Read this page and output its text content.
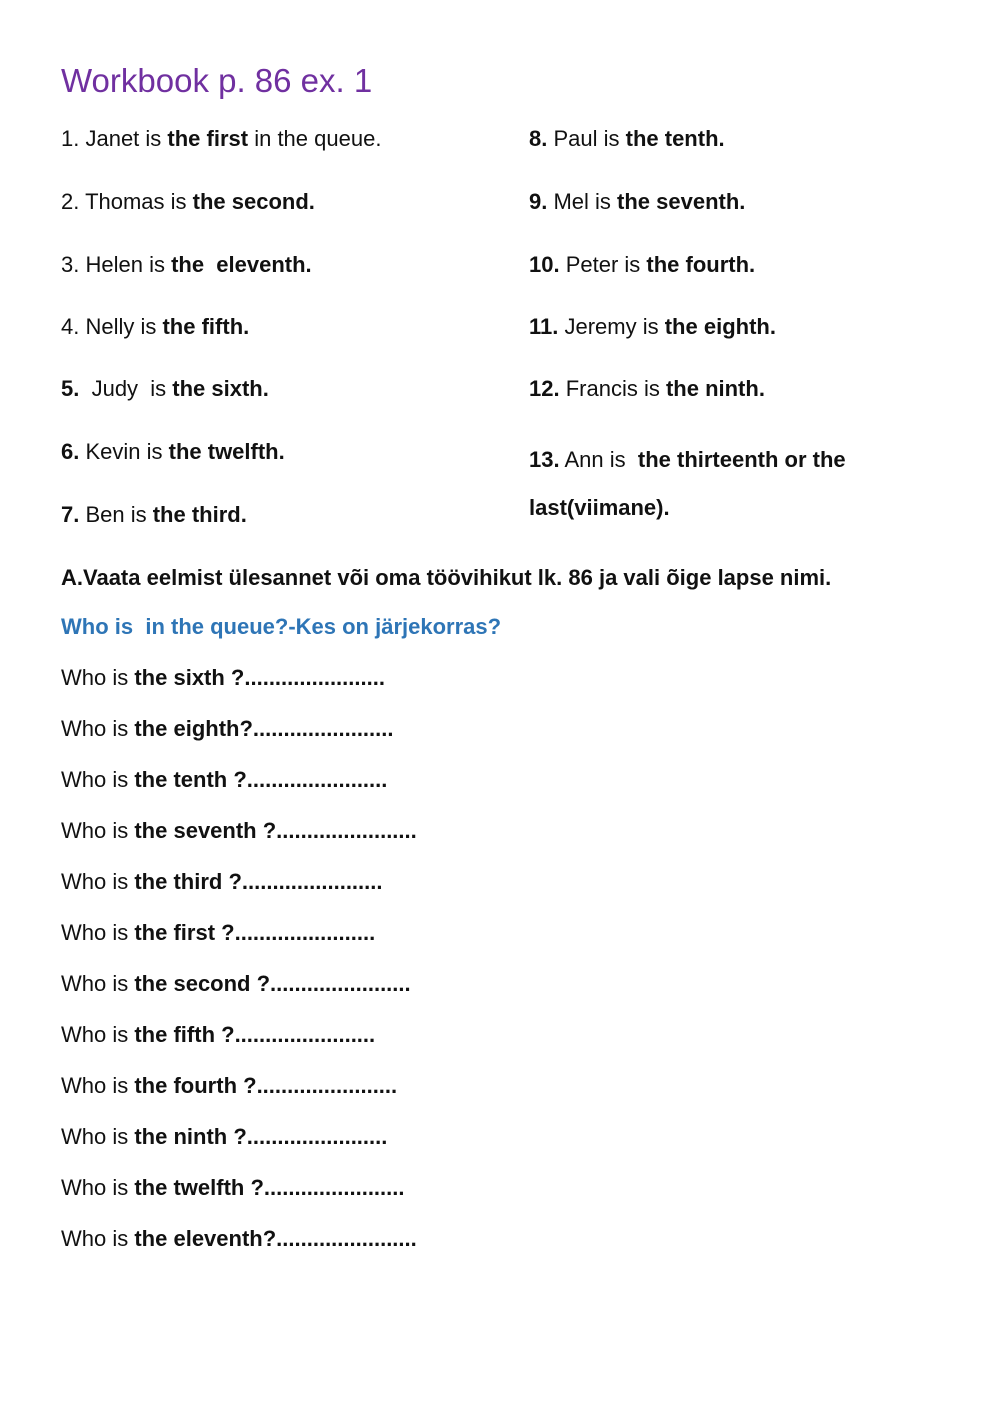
Workbook p. 86 ex. 1
1. Janet is the first in the queue.
2. Thomas is the second.
3. Helen is the  eleventh.
4. Nelly is the fifth.
5.  Judy  is the sixth.
6. Kevin is the twelfth.
7. Ben is the third.
8. Paul is the tenth.
9. Mel is the seventh.
10. Peter is the fourth.
11. Jeremy is the eighth.
12. Francis is the ninth.
13. Ann is  the thirteenth or the last(viimane).
A.Vaata eelmist ülesannet või oma töövihikut lk. 86 ja vali õige lapse nimi.
Who is  in the queue?-Kes on järjekorras?
Who is the sixth ?.......................
Who is the eighth?.......................
Who is the tenth ?.......................
Who is the seventh ?.......................
Who is the third ?.......................
Who is the first ?.......................
Who is the second ?.......................
Who is the fifth ?.......................
Who is the fourth ?.......................
Who is the ninth ?.......................
Who is the twelfth ?.......................
Who is the eleventh?.......................
